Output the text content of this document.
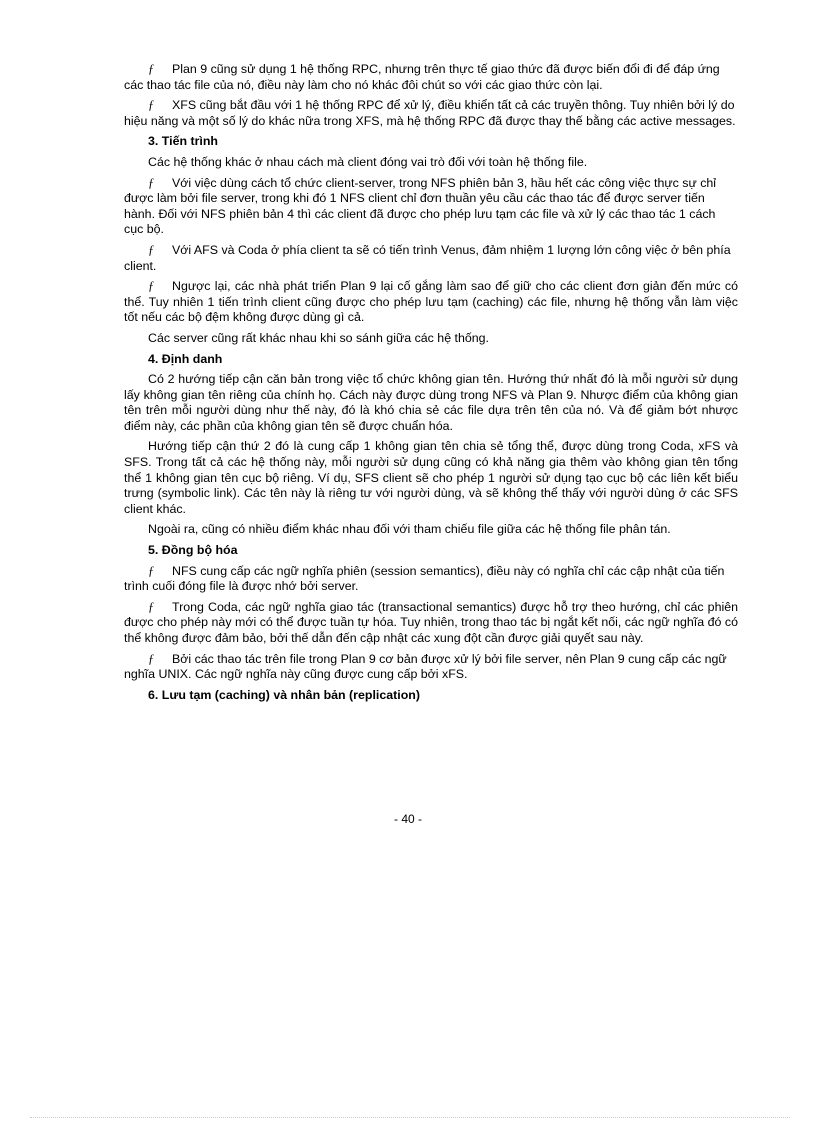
ƒ Plan 9 cũng sử dụng 1 hệ thống RPC, nhưng trên thực tế giao thức đã được biến đổi đi để đáp ứng các thao tác file của nó, điều này làm cho nó khác đôi chút so với các giao thức còn lại.

ƒ XFS cũng bắt đầu với 1 hệ thống RPC để xử lý, điều khiển tất cả các truyền thông. Tuy nhiên bởi lý do hiệu năng và một số lý do khác nữa trong XFS, mà hệ thống RPC đã được thay thế bằng các active messages.

3. Tiến trình

Các hệ thống khác ở nhau cách mà client đóng vai trò đối với toàn hệ thống file.

ƒ Với việc dùng cách tổ chức client-server, trong NFS phiên bản 3, hầu hết các công việc thực sự chỉ được làm bởi file server, trong khi đó 1 NFS client chỉ đơn thuần yêu cầu các thao tác để được server tiến hành. Đối với NFS phiên bản 4 thì các client đã được cho phép lưu tạm các file và xử lý các thao tác 1 cách cục bộ.

ƒ Với AFS và Coda ở phía client ta sẽ có tiến trình Venus, đảm nhiệm 1 lượng lớn công việc ở bên phía client.

ƒ Ngược lại, các nhà phát triển Plan 9 lại cố gắng làm sao để giữ cho các client đơn giản đến mức có thể. Tuy nhiên 1 tiến trình client cũng được cho phép lưu tạm (caching) các file, nhưng hệ thống vẫn làm việc tốt nếu các bộ đệm không được dùng gì cả.

Các server cũng rất khác nhau khi so sánh giữa các hệ thống.

4. Định danh

Có 2 hướng tiếp cận căn bản trong việc tổ chức không gian tên. Hướng thứ nhất đó là mỗi người sử dụng lấy không gian tên riêng của chính họ. Cách này được dùng trong NFS và Plan 9. Nhược điểm của không gian tên trên mỗi người dùng như thế này, đó là khó chia sẻ các file dựa trên tên của nó. Và để giảm bớt nhược điểm này, các phần của không gian tên sẽ được chuẩn hóa.

Hướng tiếp cận thứ 2 đó là cung cấp 1 không gian tên chia sẻ tổng thể, được dùng trong Coda, xFS và SFS. Trong tất cả các hệ thống này, mỗi người sử dụng cũng có khả năng gia thêm vào không gian tên tổng thể 1 không gian tên cục bộ riêng. Ví dụ, SFS client sẽ cho phép 1 người sử dụng tạo cục bộ các liên kết biểu trưng (symbolic link). Các tên này là riêng tư với người dùng, và sẽ không thể thấy với người dùng ở các SFS client khác.

Ngoài ra, cũng có nhiều điểm khác nhau đối với tham chiếu file giữa các hệ thống file phân tán.

5. Đồng bộ hóa

ƒ NFS cung cấp các ngữ nghĩa phiên (session semantics), điều này có nghĩa chỉ các cập nhật của tiến trình cuối đóng file là được nhớ bởi server.

ƒ Trong Coda, các ngữ nghĩa giao tác (transactional semantics) được hỗ trợ theo hướng, chỉ các phiên được cho phép này mới có thể được tuần tự hóa. Tuy nhiên, trong thao tác bị ngắt kết nối, các ngữ nghĩa đó có thể không được đảm bảo, bởi thế dẫn đến cập nhật các xung đột cần được giải quyết sau này.

ƒ Bởi các thao tác trên file trong Plan 9 cơ bản được xử lý bởi file server, nên Plan 9 cung cấp các ngữ nghĩa UNIX. Các ngữ nghĩa này cũng được cung cấp bởi xFS.

6. Lưu tạm (caching) và nhân bản (replication)
- 40 -
